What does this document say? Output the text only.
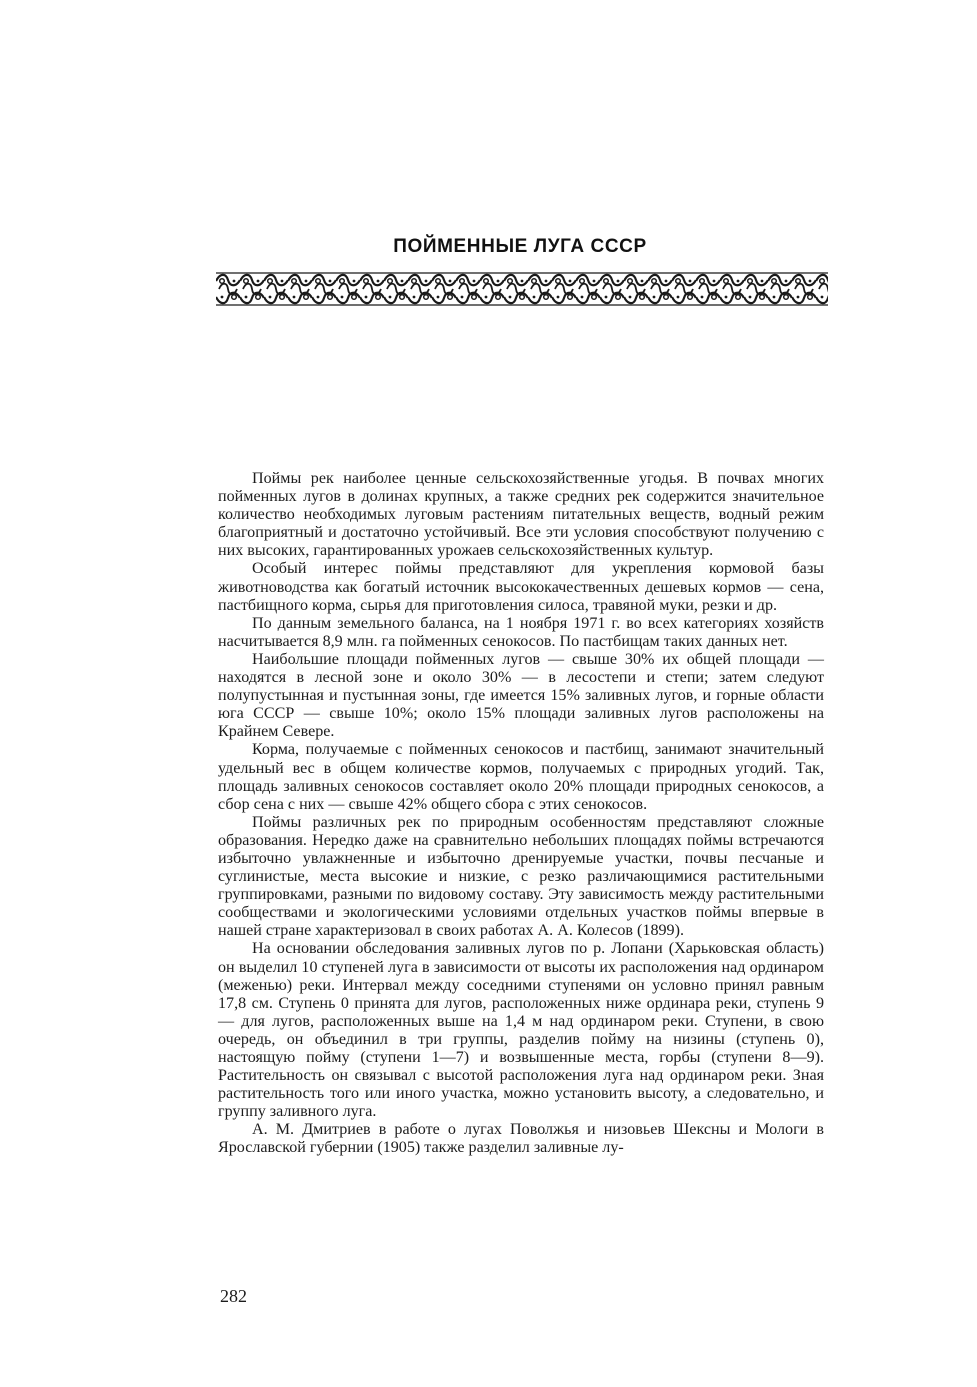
ПОЙМЕННЫЕ ЛУГА СССР

Поймы рек наиболее ценные сельскохозяйственные угодья. В почвах многих пойменных лугов в долинах крупных, а также средних рек содержится значительное количество необходимых луговым растениям питательных веществ, водный режим благоприятный и достаточно устойчивый. Все эти условия способствуют получению с них высоких, гарантированных урожаев сельскохозяйственных культур.

Особый интерес поймы представляют для укрепления кормовой базы животноводства как богатый источник высококачественных дешевых кормов — сена, пастбищного корма, сырья для приготовления силоса, травяной муки, резки и др.

По данным земельного баланса, на 1 ноября 1971 г. во всех категориях хозяйств насчитывается 8,9 млн. га пойменных сенокосов. По пастбищам таких данных нет.

Наибольшие площади пойменных лугов — свыше 30% их общей площади — находятся в лесной зоне и около 30% — в лесостепи и степи; затем следуют полупустынная и пустынная зоны, где имеется 15% заливных лугов, и горные области юга СССР — свыше 10%; около 15% площади заливных лугов расположены на Крайнем Севере.

Корма, получаемые с пойменных сенокосов и пастбищ, занимают значительный удельный вес в общем количестве кормов, получаемых с природных угодий. Так, площадь заливных сенокосов составляет около 20% площади природных сенокосов, а сбор сена с них — свыше 42% общего сбора с этих сенокосов.

Поймы различных рек по природным особенностям представляют сложные образования. Нередко даже на сравнительно небольших площадях поймы встречаются избыточно увлажненные и избыточно дренируемые участки, почвы песчаные и суглинистые, места высокие и низкие, с резко различающимися растительными группировками, разными по видовому составу. Эту зависимость между растительными сообществами и экологическими условиями отдельных участков поймы впервые в нашей стране характеризовал в своих работах А. А. Колесов (1899).

На основании обследования заливных лугов по р. Лопани (Харьковская область) он выделил 10 ступеней луга в зависимости от высоты их расположения над ординаром (меженью) реки. Интервал между соседними ступенями он условно принял равным 17,8 см. Ступень 0 принята для лугов, расположенных ниже ординара реки, ступень 9 — для лугов, расположенных выше на 1,4 м над ординаром реки. Ступени, в свою очередь, он объединил в три группы, разделив пойму на низины (ступень 0), настоящую пойму (ступени 1—7) и возвышенные места, горбы (ступени 8—9). Растительность он связывал с высотой расположения луга над ординаром реки. Зная растительность того или иного участка, можно установить высоту, а следовательно, и группу заливного луга.

А. М. Дмитриев в работе о лугах Поволжья и низовьев Шексны и Мологи в Ярославской губернии (1905) также разделил заливные лу-

282
